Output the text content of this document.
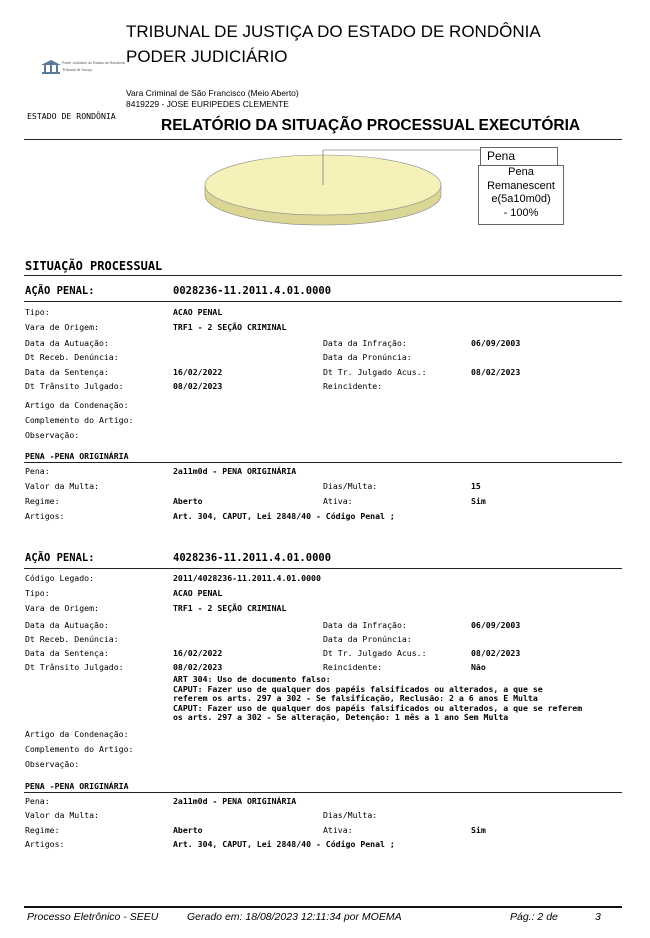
TRIBUNAL DE JUSTIÇA DO ESTADO DE RONDÔNIA
PODER JUDICIÁRIO
Poder Judiciário do Estado de Rondônia
Tribunal de Justiça
Vara Criminal de São Francisco (Meio Aberto)
8419229 - JOSE EURIPEDES CLEMENTE
ESTADO DE RONDÔNIA
RELATÓRIO DA SITUAÇÃO PROCESSUAL EXECUTÓRIA
Pena
Pena
Remanescent
e(5a10m0d)
- 100%
SITUAÇÃO PROCESSUAL
AÇÃO PENAL:	0028236-11.2011.4.01.0000
Tipo:	ACAO PENAL
Vara de Origem:	TRF1 - 2 SEÇÃO CRIMINAL
Data da Autuação:	Data da Infração:	06/09/2003
Dt Receb. Denúncia:	Data da Pronúncia:
Data da Sentença:	16/02/2022	Dt Tr. Julgado Acus.:	08/02/2023
Dt Trânsito Julgado:	08/02/2023	Reincidente:
Artigo da Condenação:
Complemento do Artigo:
Observação:
PENA -PENA ORIGINÁRIA
Pena:	2a11m0d - PENA ORIGINÁRIA
Valor da Multa:	Dias/Multa:	15
Regime:	Aberto	Ativa:	Sim
Artigos:	Art. 304, CAPUT, Lei 2848/40 - Código Penal ;
AÇÃO PENAL:	4028236-11.2011.4.01.0000
Código Legado:	2011/4028236-11.2011.4.01.0000
Tipo:	ACAO PENAL
Vara de Origem:	TRF1 - 2 SEÇÃO CRIMINAL
Data da Autuação:	Data da Infração:	06/09/2003
Dt Receb. Denúncia:	Data da Pronúncia:
Data da Sentença:	16/02/2022	Dt Tr. Julgado Acus.:	08/02/2023
Dt Trânsito Julgado:	08/02/2023	Reincidente:	Não
ART 304: Uso de documento falso:
CAPUT: Fazer uso de qualquer dos papéis falsificados ou alterados, a que se
referem os arts. 297 a 302 - Se falsificação, Reclusão: 2 a 6 anos E Multa
CAPUT: Fazer uso de qualquer dos papéis falsificados ou alterados, a que se referem
os arts. 297 a 302 - Se alteração, Detenção: 1 mês a 1 ano Sem Multa
Artigo da Condenação:
Complemento do Artigo:
Observação:
PENA -PENA ORIGINÁRIA
Pena:	2a11m0d - PENA ORIGINÁRIA
Valor da Multa:	Dias/Multa:
Regime:	Aberto	Ativa:	Sim
Artigos:	Art. 304, CAPUT, Lei 2848/40 - Código Penal ;
Processo Eletrônico - SEEU	Gerado em: 18/08/2023 12:11:34 por MOEMA	Pág.: 2 de	3
